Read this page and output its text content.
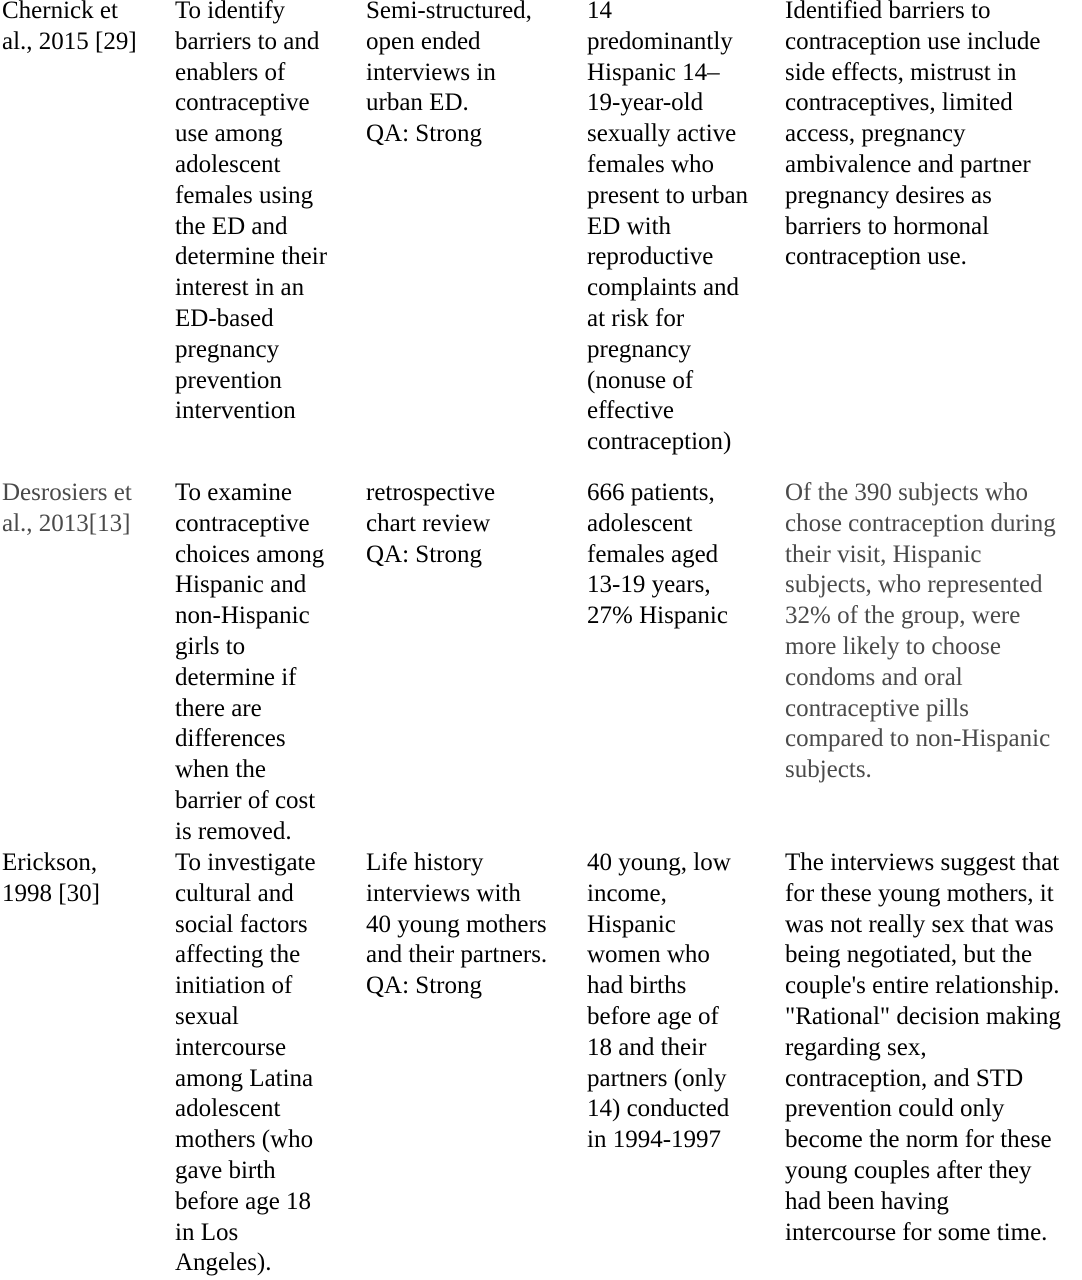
Chernick et
al., 2015 [29]
To identify
barriers to and
enablers of
contraceptive
use among
adolescent
females using
the ED and
determine their
interest in an
ED-based
pregnancy
prevention
intervention
Semi-structured,
open ended
interviews in
urban ED.
QA: Strong
14
predominantly
Hispanic 14–
19-year-old
sexually active
females who
present to urban
ED with
reproductive
complaints and
at risk for
pregnancy
(nonuse of
effective
contraception)
Identified barriers to
contraception use include
side effects, mistrust in
contraceptives, limited
access, pregnancy
ambivalence and partner
pregnancy desires as
barriers to hormonal
contraception use.
Desrosiers et
al., 2013[13]
To examine
contraceptive
choices among
Hispanic and
non-Hispanic
girls to
determine if
there are
differences
when the
barrier of cost
is removed.
retrospective
chart review
QA: Strong
666 patients,
adolescent
females aged
13-19 years,
27% Hispanic
Of the 390 subjects who
chose contraception during
their visit, Hispanic
subjects, who represented
32% of the group, were
more likely to choose
condoms and oral
contraceptive pills
compared to non-Hispanic
subjects.
Erickson,
1998 [30]
To investigate
cultural and
social factors
affecting the
initiation of
sexual
intercourse
among Latina
adolescent
mothers (who
gave birth
before age 18
in Los
Angeles).
Life history
interviews with
40 young mothers
and their partners.
QA: Strong
40 young, low
income,
Hispanic
women who
had births
before age of
18 and their
partners (only
14) conducted
in 1994-1997
The interviews suggest that
for these young mothers, it
was not really sex that was
being negotiated, but the
couple's entire relationship.
"Rational" decision making
regarding sex,
contraception, and STD
prevention could only
become the norm for these
young couples after they
had been having
intercourse for some time.
